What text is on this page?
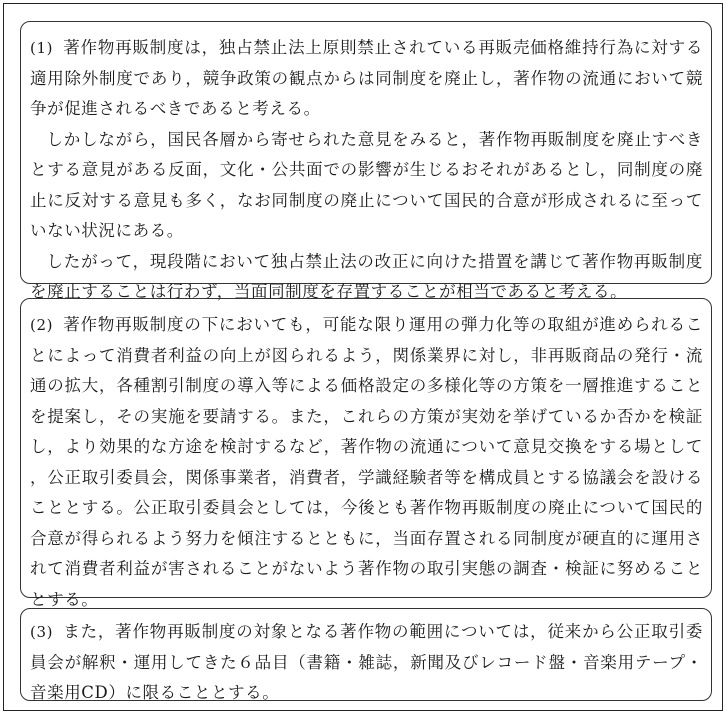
(1) 著作物再販制度は，独占禁止法上原則禁止されている再販売価格維持行為に対する適用除外制度であり，競争政策の観点からは同制度を廃止し，著作物の流通において競争が促進されるべきであると考える。

しかしながら，国民各層から寄せられた意見をみると，著作物再販制度を廃止すべきとする意見がある反面，文化・公共面での影響が生じるおそれがあるとし，同制度の廃止に反対する意見も多く，なお同制度の廃止について国民的合意が形成されるに至っていない状況にある。

したがって，現段階において独占禁止法の改正に向けた措置を講じて著作物再販制度を廃止することは行わず，当面同制度を存置することが相当であると考える。

(2) 著作物再販制度の下においても，可能な限り運用の弾力化等の取組が進められることによって消費者利益の向上が図られるよう，関係業界に対し，非再販商品の発行・流通の拡大，各種割引制度の導入等による価格設定の多様化等の方策を一層推進することを提案し，その実施を要請する。また，これらの方策が実効を挙げているか否かを検証し，より効果的な方途を検討するなど，著作物の流通について意見交換をする場として，公正取引委員会，関係事業者，消費者，学識経験者等を構成員とする協議会を設けることとする。公正取引委員会としては，今後とも著作物再販制度の廃止について国民的合意が得られるよう努力を傾注するとともに，当面存置される同制度が硬直的に運用されて消費者利益が害されることがないよう著作物の取引実態の調査・検証に努めることとする。

(3) また，著作物再販制度の対象となる著作物の範囲については，従来から公正取引委員会が解釈・運用してきた６品目（書籍・雑誌，新聞及びレコード盤・音楽用テープ・音楽用CD）に限ることとする。
